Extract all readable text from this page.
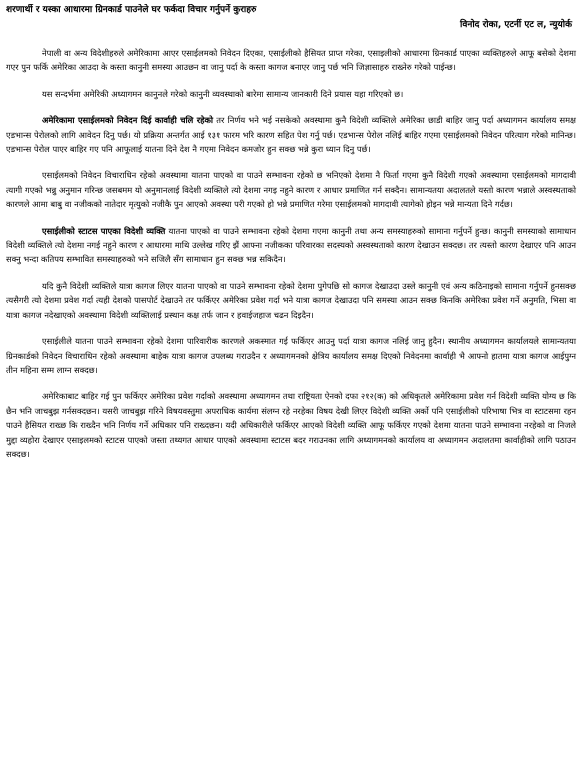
शरणार्थी र यस्का आधारमा ग्रिनकार्ड पाउनेले घर फर्कदा विचार गर्नुपर्ने कुराहरु
विनोद रोका, एटर्नी एट ल, न्युयोर्क

नेपाली वा अन्य विदेशीहरुले अमेरिकामा आएर एसाईलमको निवेदन दिएका, एसाईलीको हैसियत प्राप्त गरेका, एसाइलीको आधारमा ग्रिनकार्ड पाएका व्यक्तिहरुले आफू बसेको देशमा गएर पुन फर्कि अमेरिका आउदा के कस्ता कानुनी समस्या आउछन वा जानु पर्दा के कस्ता कागज बनाएर जानु पर्छ भनि जिज्ञासाहरु राख्नेरु गरेको पाईन्छ।

यस सन्दर्भमा अमेरिकी अध्यागमन कानुनले गरेको कानुनी व्यवस्थाको बारेमा सामान्य जानकारी दिने प्रयास यहा गरिएको छ।

अमेरिकामा एसाईलमको निवेदन दिई कार्वाही चलि रहेको तर निर्णय भने भई नसकेको अवस्थामा कुनै विदेशी व्यक्तिले अमेरिका छाडी बाहिर जानु पर्दा अध्यागमन कार्यालय समक्ष एडभान्स पेरोलको लागि आवेदन दिनु पर्छ। यो प्रक्रिया अन्तर्गत आई १३१ फारम भरि कारण सहित पेश गर्नु पर्छ। एडभान्स पेरोल नलिई बाहिर गएमा एसाईलमको निवेदन परित्याग गरेको मानिन्छ। एडभान्स पेरोल पाएर बाहिर गए पनि आफूलाई यातना दिने देश नै गएमा निवेदन कमजोर हुन सक्छ भन्ने कुरा ध्यान दिनु पर्छ।

एसाईलमको निवेदन विचाराधिन रहेको अवस्थामा यातना पाएको वा पाउने सम्भावना रहेको छ भनिएको देशमा नै फिर्ता गएमा कुनै विदेशी गएको अवस्थामा एसाईलमको मागदावी त्यागी गएको भन्नु अनुमान गरिन्छ जसबमम यो अनुमानलाई विदेशी व्यक्तिले त्यो देशमा नगइ नहुने कारण र आधार प्रमाणित गर्न सक्दैन। सामान्यतया अदालतले यस्तो कारण भन्नाले अस्वस्थताको कारणले आमा बाबु वा नजीकको नातेदार मृत्युको नजीकै पुन आएको अवस्था परी गएको हो भन्ने प्रमाणित गरेमा एसाईलमको मागदावी त्यागेको होइन भन्ने मान्यता दिने गर्दछ।

एसाईलीको स्टाटस पाएका विदेशी व्यक्ति यातना पाएको वा पाउने सम्भावना रहेको देशमा गएमा कानुनी तथा अन्य समस्याहरुको सामाना गर्नुपर्ने हुन्छ। कानुनी समस्याको सामाधान विदेशी व्यक्तिले त्यो देशमा नगई नहुने कारण र आधारमा माथि उल्लेख गरिए झैं आफ्ना नजीकका परिवारका सदस्यको अस्वस्थताको कारण देखाउन सक्दछ। तर त्यस्तो कारण देखाएर पनि आउन सक्नु भन्दा कतिपय सम्भावित समस्याहरुको भने सजिलै सँग सामाधान हुन सक्छ भन्न सकिदैन।

यदि कुनै विदेशी व्यक्तिले यात्रा कागज लिएर यातना पाएको वा पाउने सम्भावना रहेको देशमा पुगेपछि सो कागज देखाउदा उस्ले कानुनी एवं अन्य कठिनाइको सामाना गर्नुपर्ने हुनसक्छ त्यसैगरी त्यो देशमा प्रवेश गर्दा त्यही देशको पासपोर्ट देखाउने तर फर्किएर अमेरिका प्रवेश गर्दा भने यात्रा कागज देखाउदा पनि समस्या आउन सक्छ किनकि अमेरिका प्रवेश गर्ने अनुमति, भिसा वा यात्रा कागज नदेखाएको अवस्थामा विदेशी व्यक्तिलाई प्रस्थान कक्ष तर्फ जान र हवाईजहाज चढन दिइदैन।

एसाईलीले यातना पाउने सम्भावना रहेको देशमा पारिवारीक कारणले अकस्मात गई फर्किएर आउनु पर्दा यात्रा कागज नलिई जानु हुदैन। स्थानीय अध्यागमन कार्यालयले सामान्यतया ग्रिनकार्डको निवेदन विचाराधिन रहेको अवस्थामा बाहेक यात्रा कागज उपलब्ध गराउदैन र अध्यागमनको क्षेत्रिय कार्यालय समक्ष दिएको निवेदनमा कार्वाही भै आफ्नो हातमा यात्रा कागज आईपुग्न तीन महिना सम्म लाग्न सक्दछ।

अमेरिकाबाट बाहिर गई पुन फर्किएर अमेरिका प्रवेश गर्दाको अवस्थामा अध्यागमन तथा राष्ट्रियता ऐनको दफा २१२(क) को अधिकृतले अमेरिकामा प्रवेश गर्न विदेशी व्यक्ति योग्य छ कि छैन भनि जाचबुझ गर्नसक्दछन। यसरी जाचबुझ गरिने विषयवस्तुमा अपराधिक कार्यमा संलग्न रहे नरहेका विषय देखी लिएर विदेशी व्यक्ति अर्को पनि एसाईलीको परिभाषा भित्र वा स्टाटसमा रहन पाउने हैसियत राख्छ कि राख्दैन भनि निर्णय गर्ने अधिकार पनि राख्दछन। यदी अधिकारीले फर्किएर आएको विदेशी व्यक्ति आफू फर्किएर गएको देशमा यातना पाउने सम्भावना नरहेको वा निजले मुद्दा व्यहोरा देखाएर एसाइलमको स्टाटस पाएको जस्ता तथ्यगत आधार पाएको अवस्थामा स्टाटस बदर गराउनका लागि अध्यागमनको कार्यालय वा अध्यागमन अदालतमा कार्वाहीको लागि पठाउन सक्दछ।
